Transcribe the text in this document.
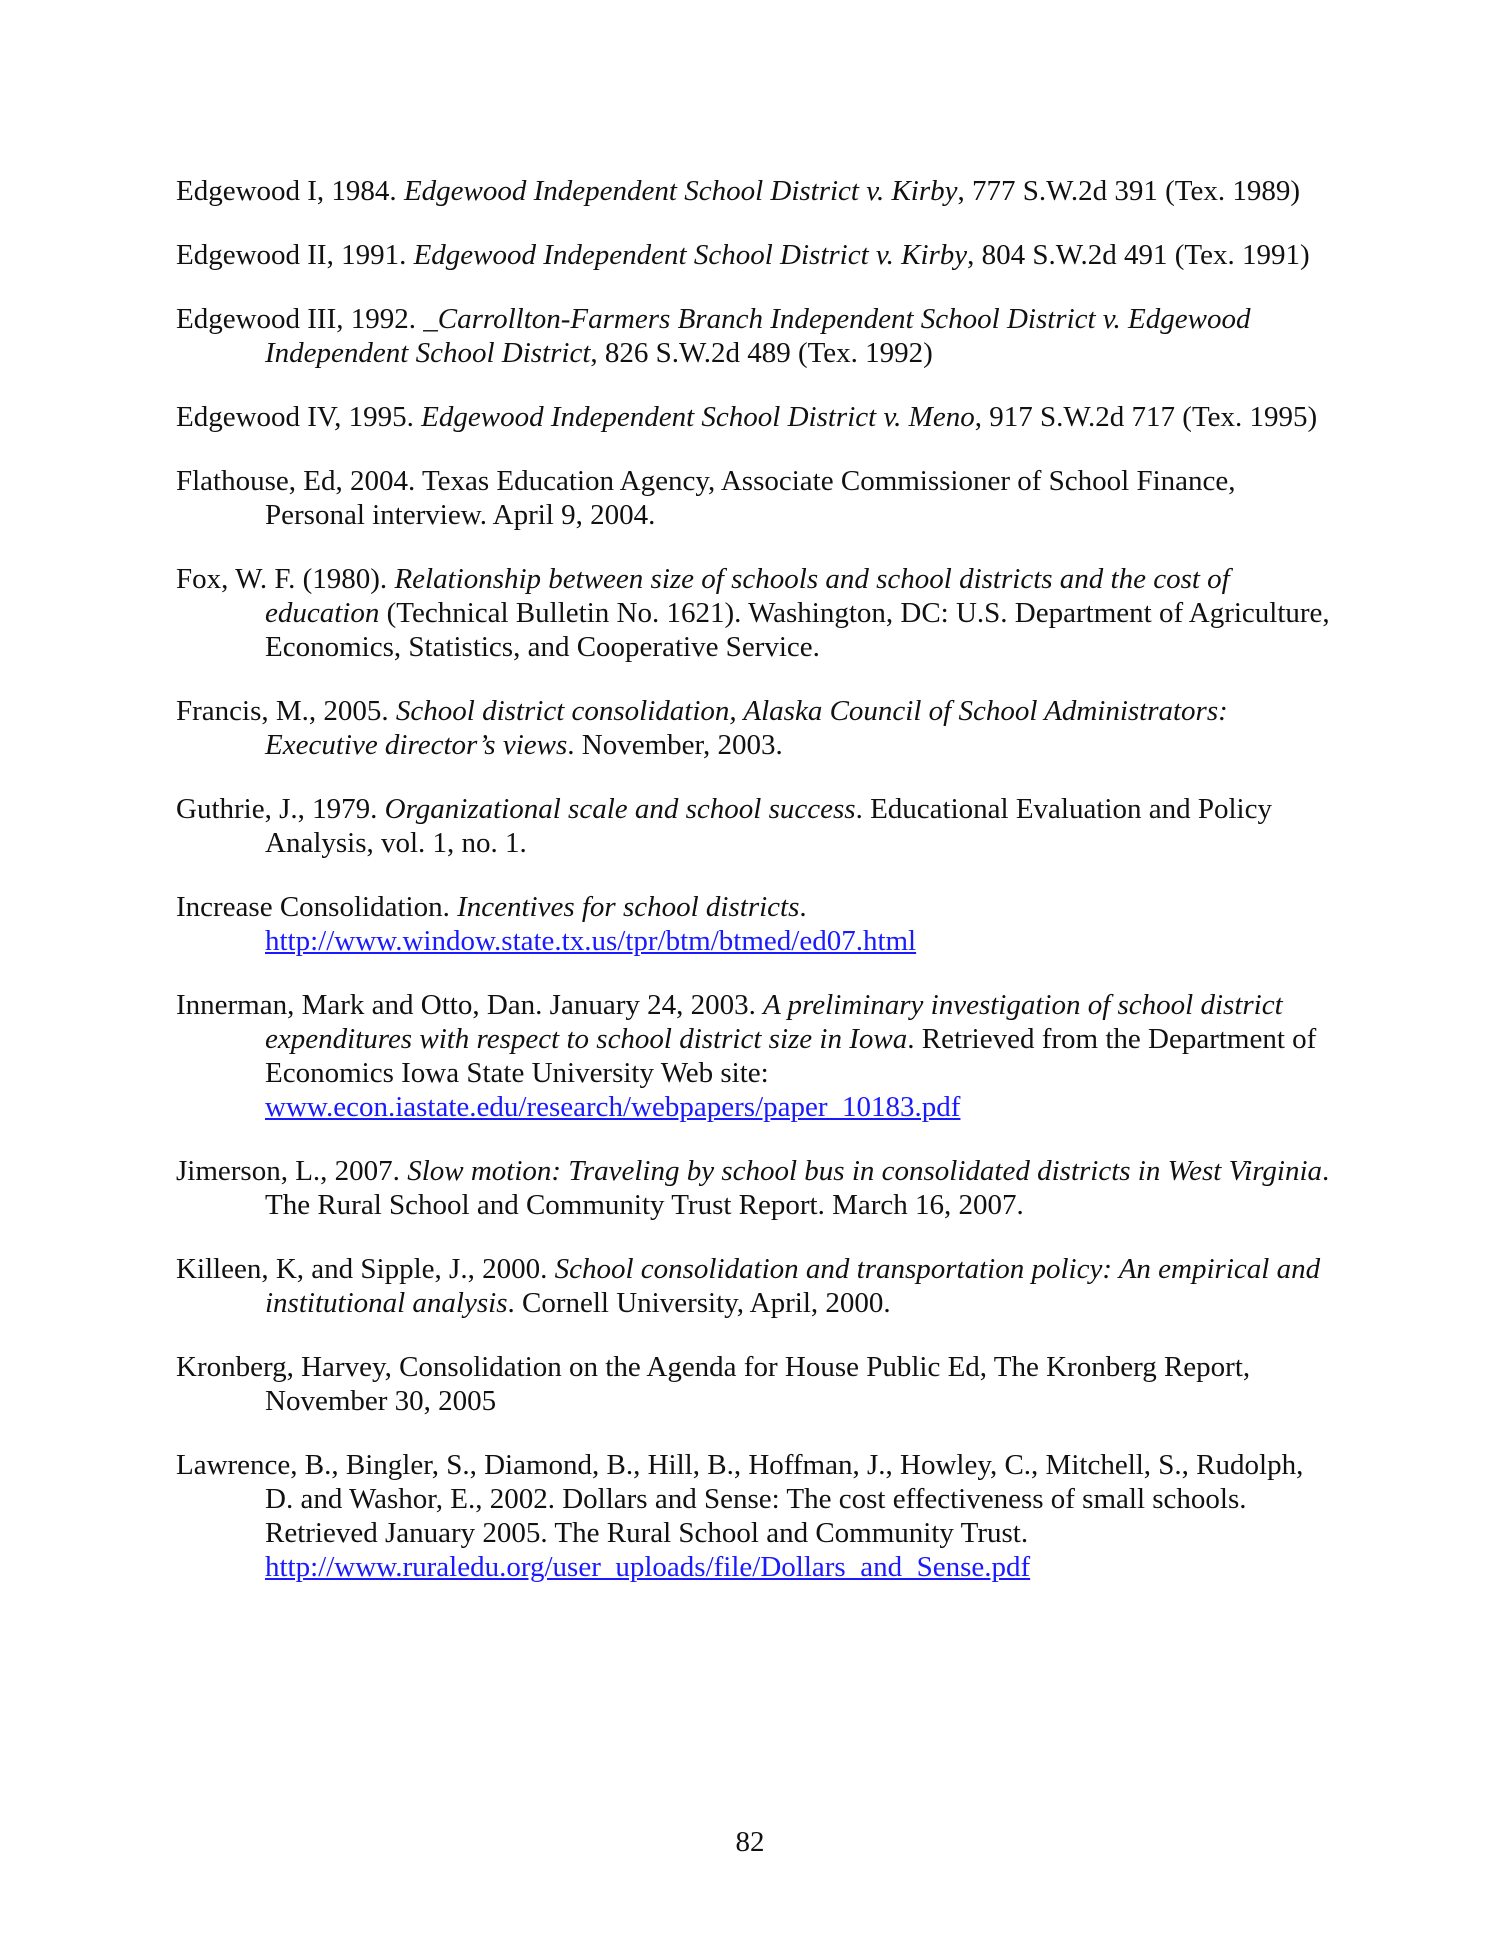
Edgewood I, 1984. Edgewood Independent School District v. Kirby, 777 S.W.2d 391 (Tex. 1989)

Edgewood II, 1991. Edgewood Independent School District v. Kirby, 804 S.W.2d 491 (Tex. 1991)

Edgewood III, 1992. _Carrollton-Farmers Branch Independent School District v. Edgewood Independent School District, 826 S.W.2d 489 (Tex. 1992)

Edgewood IV, 1995. Edgewood Independent School District v. Meno, 917 S.W.2d 717 (Tex. 1995)

Flathouse, Ed, 2004. Texas Education Agency, Associate Commissioner of School Finance, Personal interview. April 9, 2004.

Fox, W. F. (1980). Relationship between size of schools and school districts and the cost of education (Technical Bulletin No. 1621). Washington, DC: U.S. Department of Agriculture, Economics, Statistics, and Cooperative Service.

Francis, M., 2005. School district consolidation, Alaska Council of School Administrators: Executive director’s views. November, 2003.

Guthrie, J., 1979. Organizational scale and school success. Educational Evaluation and Policy Analysis, vol. 1, no. 1.

Increase Consolidation. Incentives for school districts.
http://www.window.state.tx.us/tpr/btm/btmed/ed07.html

Innerman, Mark and Otto, Dan. January 24, 2003. A preliminary investigation of school district expenditures with respect to school district size in Iowa. Retrieved from the Department of Economics Iowa State University Web site:
www.econ.iastate.edu/research/webpapers/paper_10183.pdf

Jimerson, L., 2007. Slow motion: Traveling by school bus in consolidated districts in West Virginia. The Rural School and Community Trust Report. March 16, 2007.

Killeen, K, and Sipple, J., 2000. School consolidation and transportation policy: An empirical and institutional analysis. Cornell University, April, 2000.

Kronberg, Harvey, Consolidation on the Agenda for House Public Ed, The Kronberg Report, November 30, 2005

Lawrence, B., Bingler, S., Diamond, B., Hill, B., Hoffman, J., Howley, C., Mitchell, S., Rudolph, D. and Washor, E., 2002. Dollars and Sense: The cost effectiveness of small schools. Retrieved January 2005. The Rural School and Community Trust.
http://www.ruraledu.org/user_uploads/file/Dollars_and_Sense.pdf

82
